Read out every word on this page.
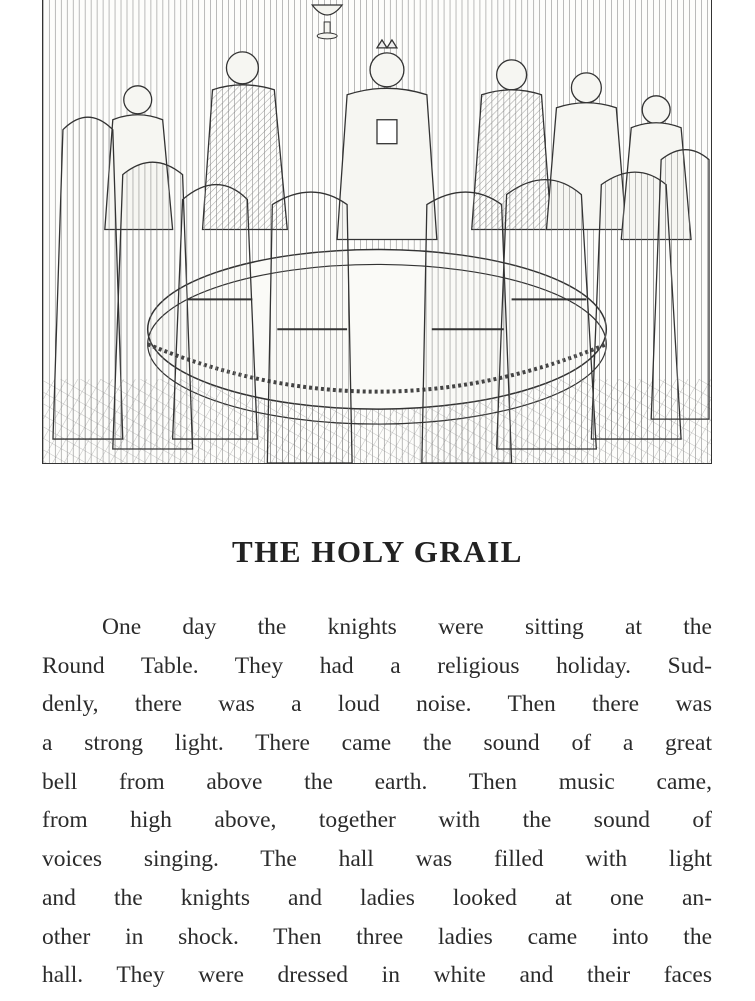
THE HOLY GRAIL
One day the knights were sitting at the
Round Table. They had a religious holiday. Sud-
denly, there was a loud noise. Then there was
a strong light. There came the sound of a great
bell from above the earth. Then music came,
from high above, together with the sound of
voices singing. The hall was filled with light
and the knights and ladies looked at one an-
other in shock. Then three ladies came into the
hall. They were dressed in white and their faces
